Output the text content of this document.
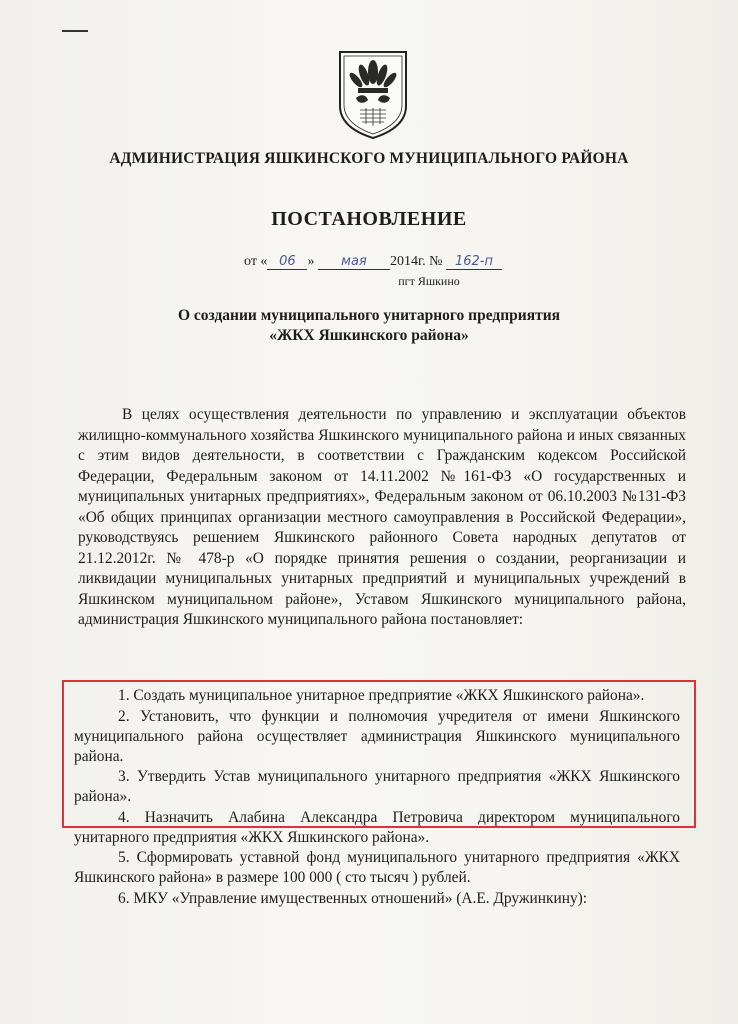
АДМИНИСТРАЦИЯ ЯШКИНСКОГО МУНИЦИПАЛЬНОГО РАЙОНА
ПОСТАНОВЛЕНИЕ
от « 06 » мая 2014г. № 162-п
пгт Яшкино
О создании муниципального унитарного предприятия
«ЖКХ Яшкинского района»

В целях осуществления деятельности по управлению и эксплуатации объектов жилищно-коммунального хозяйства Яшкинского муниципального района и иных связанных с этим видов деятельности, в соответствии с Гражданским кодексом Российской Федерации, Федеральным законом от 14.11.2002 №161-ФЗ «О государственных и муниципальных унитарных предприятиях», Федеральным законом от 06.10.2003 №131-ФЗ «Об общих принципах организации местного самоуправления в Российской Федерации», руководствуясь решением Яшкинского районного Совета народных депутатов от 21.12.2012г. № 478-р «О порядке принятия решения о создании, реорганизации и ликвидации муниципальных унитарных предприятий и муниципальных учреждений в Яшкинском муниципальном районе», Уставом Яшкинского муниципального района, администрация Яшкинского муниципального района постановляет:

1. Создать муниципальное унитарное предприятие «ЖКХ Яшкинского района».

2. Установить, что функции и полномочия учредителя от имени Яшкинского муниципального района осуществляет администрация Яшкинского муниципального района.

3. Утвердить Устав муниципального унитарного предприятия «ЖКХ Яшкинского района».

4. Назначить Алабина Александра Петровича директором муниципального унитарного предприятия «ЖКХ Яшкинского района».

5. Сформировать уставной фонд муниципального унитарного предприятия «ЖКХ Яшкинского района» в размере 100 000 ( сто тысяч ) рублей.

6. МКУ «Управление имущественных отношений» (А.Е. Дружинкину):
